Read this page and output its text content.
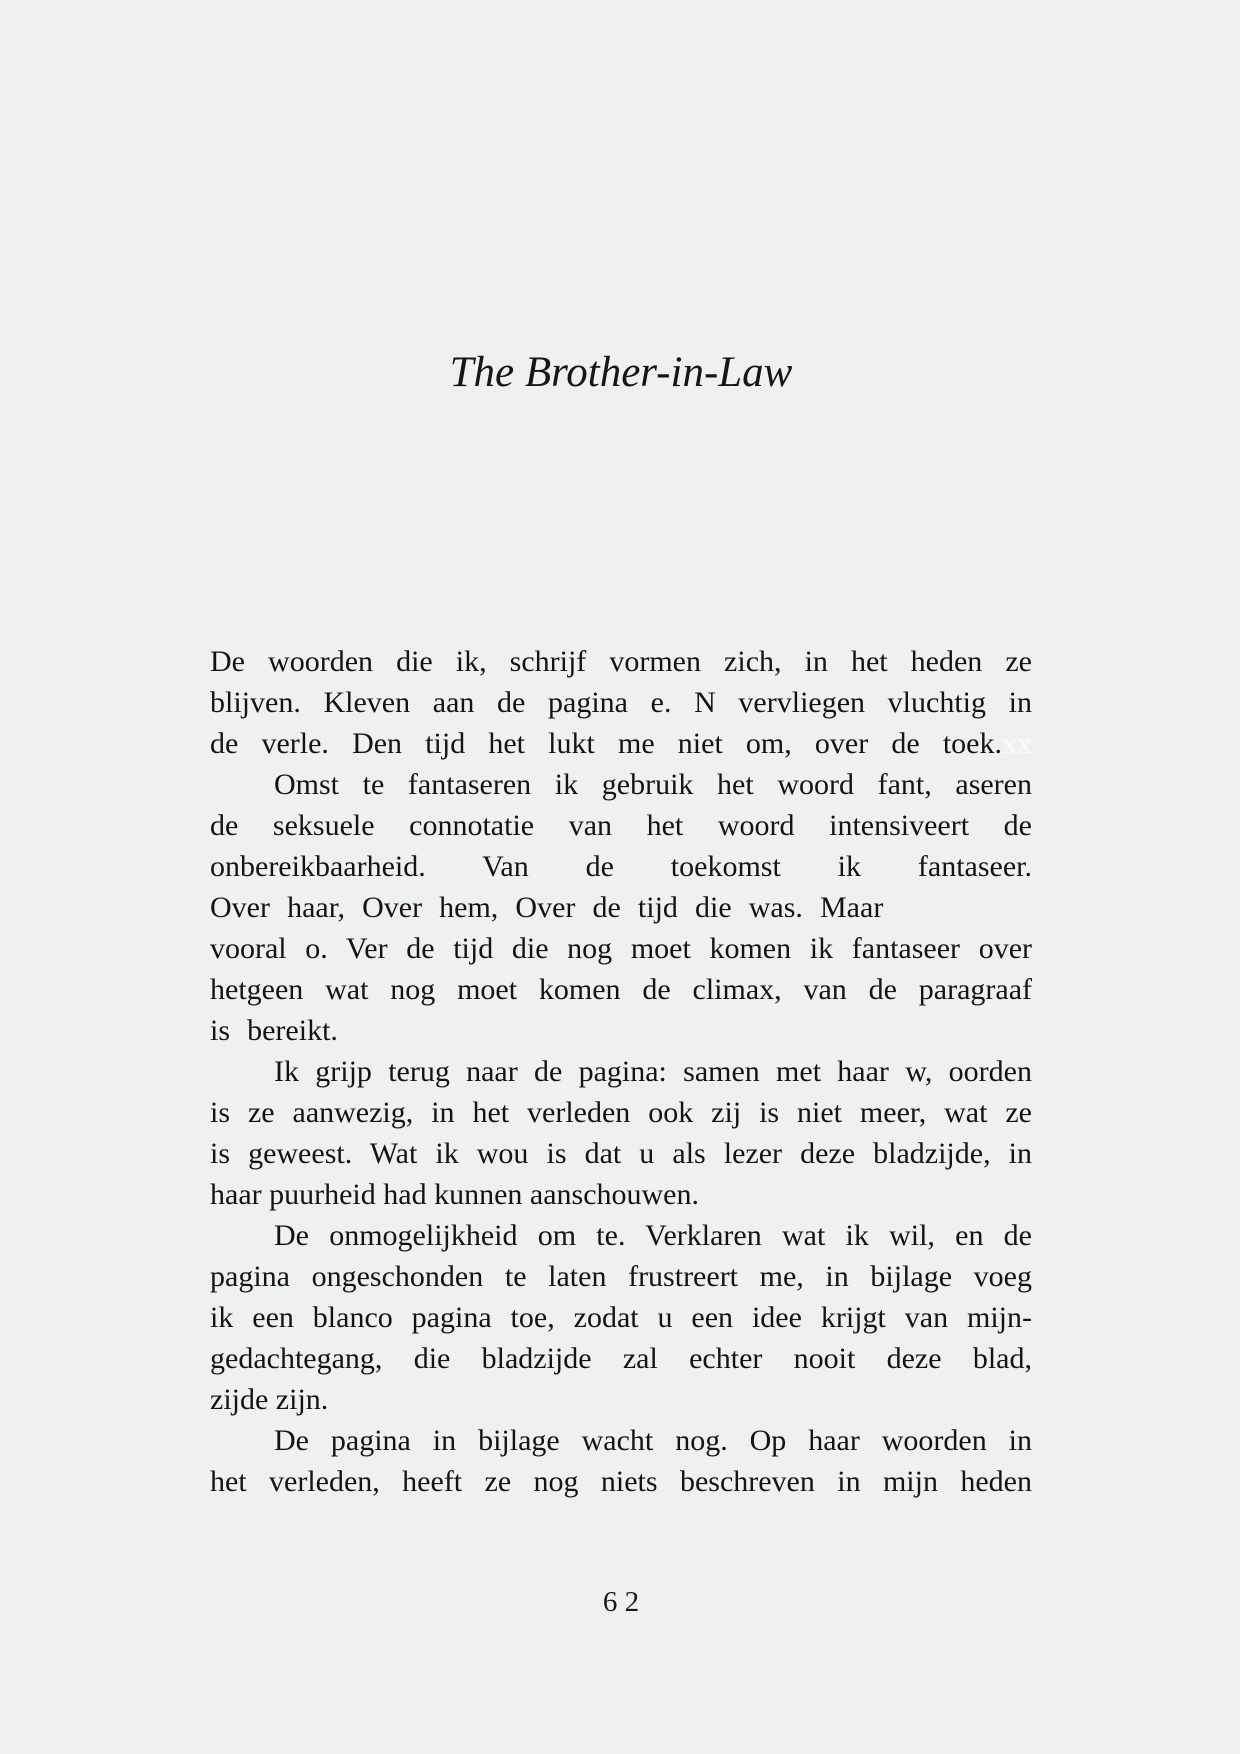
The Brother-in-Law
De woorden die ik, schrijf vormen zich, in het heden ze
blijven. Kleven aan de pagina e. N vervliegen vluchtig in
de verle. Den tijd het lukt me niet om, over de toek.xx
Omst te fantaseren ik gebruik het woord fant, aseren
de seksuele connotatie van het woord intensiveert de
onbereikbaarheid. Van de toekomst ik fantaseer.
Over haar, Over hem, Over de tijd die was. Maar
vooral o. Ver de tijd die nog moet komen ik fantaseer over
hetgeen wat nog moet komen de climax, van de paragraaf
is bereikt.
Ik grijp terug naar de pagina: samen met haar w, oorden
is ze aanwezig, in het verleden ook zij is niet meer, wat ze
is geweest. Wat ik wou is dat u als lezer deze bladzijde, in
haar puurheid had kunnen aanschouwen.
De onmogelijkheid om te. Verklaren wat ik wil, en de
pagina ongeschonden te laten frustreert me, in bijlage voeg
ik een blanco pagina toe, zodat u een idee krijgt van mijn-
gedachtegang, die bladzijde zal echter nooit deze blad,
zijde zijn.
De pagina in bijlage wacht nog. Op haar woorden in
het verleden, heeft ze nog niets beschreven in mijn heden
6 2
